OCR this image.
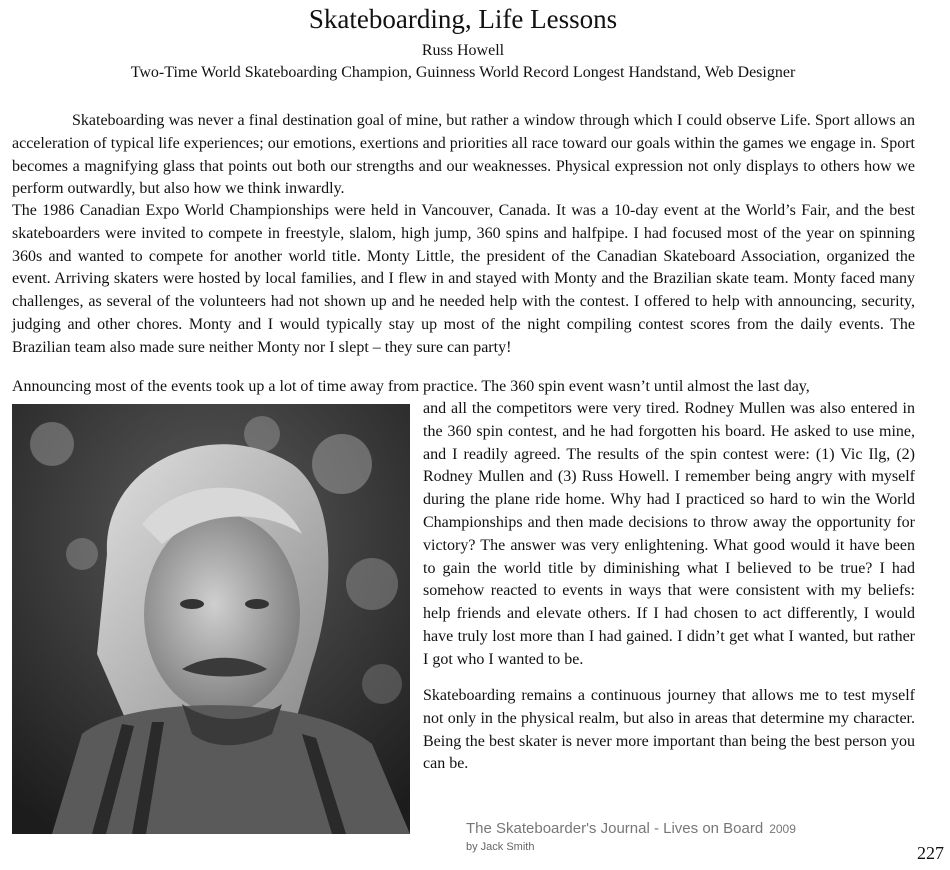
Skateboarding, Life Lessons
Russ Howell
Two-Time World Skateboarding Champion, Guinness World Record Longest Handstand, Web Designer
Skateboarding was never a final destination goal of mine, but rather a window through which I could observe Life. Sport allows an acceleration of typical life experiences; our emotions, exertions and priorities all race toward our goals within the games we engage in. Sport becomes a magnifying glass that points out both our strengths and our weaknesses. Physical expression not only displays to others how we perform outwardly, but also how we think inwardly.
The 1986 Canadian Expo World Championships were held in Vancouver, Canada. It was a 10-day event at the World’s Fair, and the best skateboarders were invited to compete in freestyle, slalom, high jump, 360 spins and halfpipe. I had focused most of the year on spinning 360s and wanted to compete for another world title. Monty Little, the president of the Canadian Skateboard Association, organized the event. Arriving skaters were hosted by local families, and I flew in and stayed with Monty and the Brazilian skate team. Monty faced many challenges, as several of the volunteers had not shown up and he needed help with the contest. I offered to help with announcing, security, judging and other chores. Monty and I would typically stay up most of the night compiling contest scores from the daily events. The Brazilian team also made sure neither Monty nor I slept – they sure can party!
Announcing most of the events took up a lot of time away from practice. The 360 spin event wasn’t until almost the last day,
and all the competitors were very tired. Rodney Mullen was also entered in the 360 spin contest, and he had forgotten his board. He asked to use mine, and I readily agreed. The results of the spin contest were: (1) Vic Ilg, (2) Rodney Mullen and (3) Russ Howell. I remember being angry with myself during the plane ride home. Why had I practiced so hard to win the World Championships and then made decisions to throw away the opportunity for victory? The answer was very enlightening. What good would it have been to gain the world title by diminishing what I believed to be true? I had somehow reacted to events in ways that were consistent with my beliefs: help friends and elevate others. If I had chosen to act differently, I would have truly lost more than I had gained. I didn’t get what I wanted, but rather I got who I wanted to be.
Skateboarding remains a continuous journey that allows me to test myself not only in the physical realm, but also in areas that determine my character. Being the best skater is never more important than being the best person you can be.
The Skateboarder's Journal - Lives on Board 2009
by Jack Smith	227
